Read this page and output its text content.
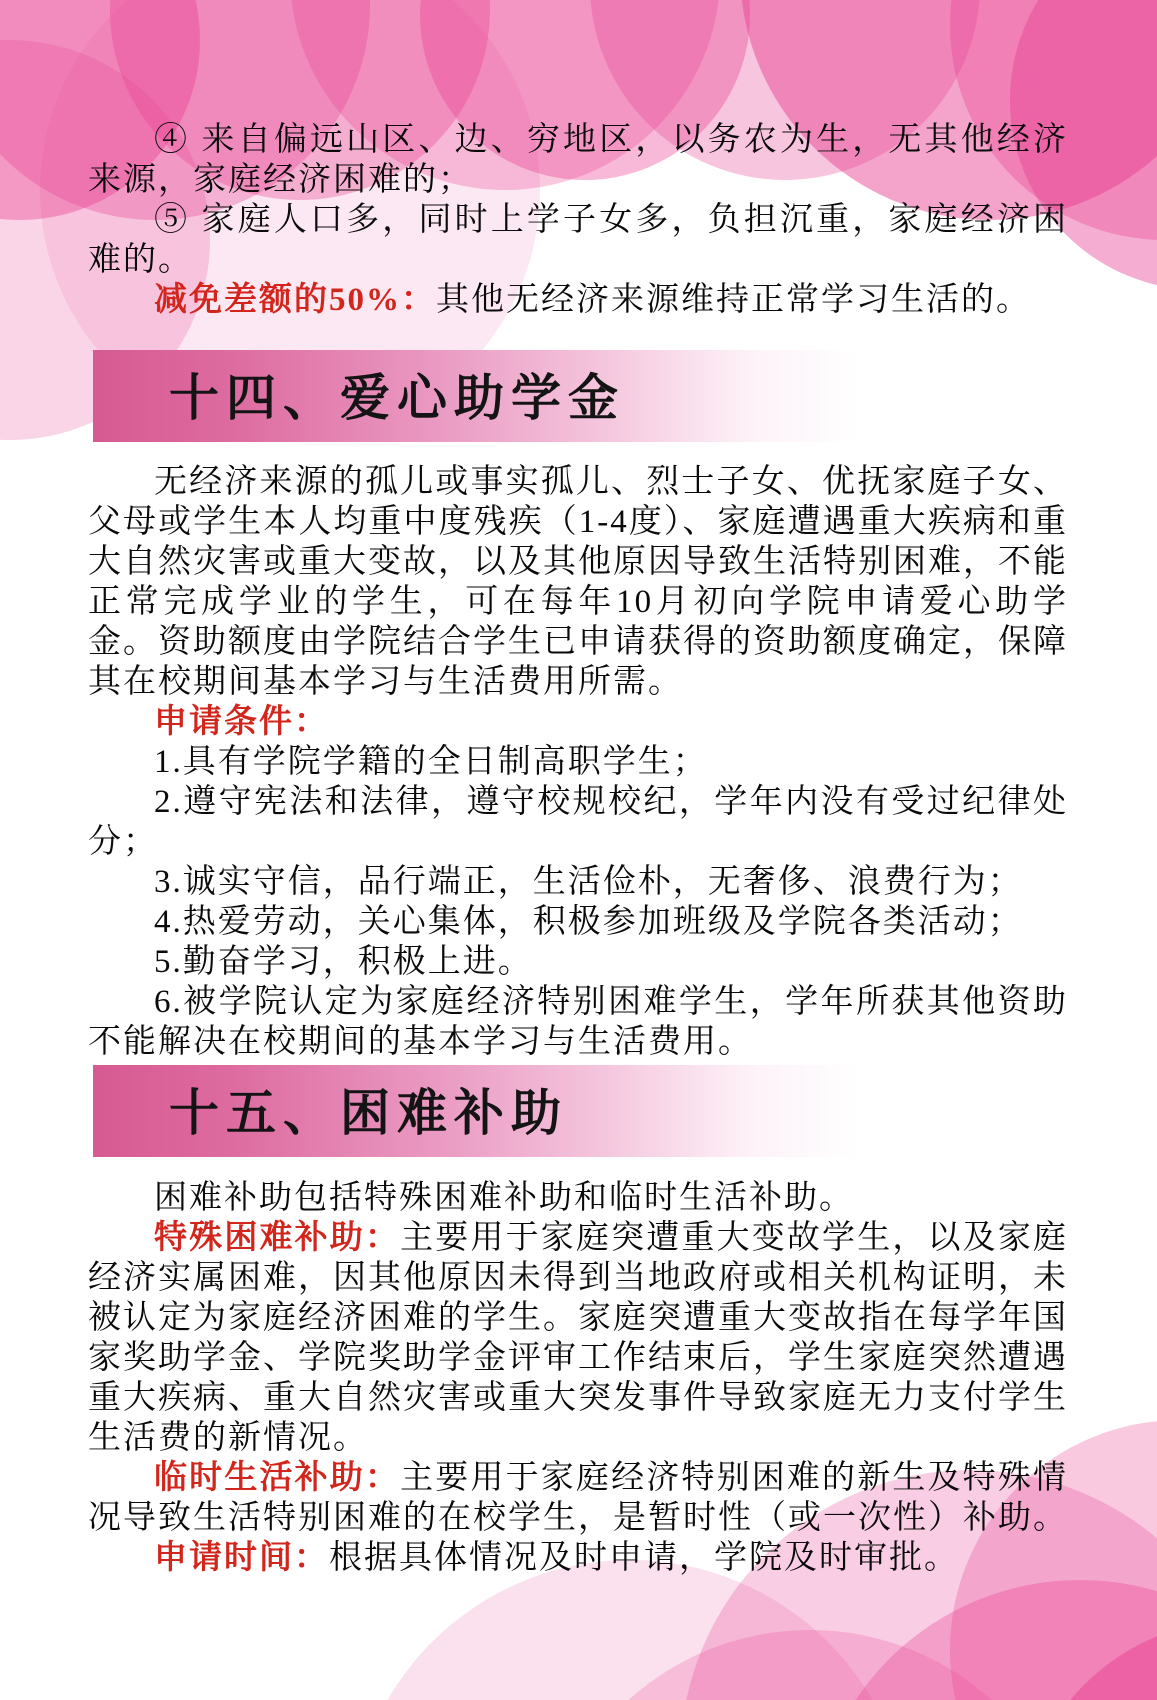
④ 来自偏远山区、边、穷地区，以务农为生，无其他经济来源，家庭经济困难的；

⑤ 家庭人口多，同时上学子女多，负担沉重，家庭经济困难的。

减免差额的50%：其他无经济来源维持正常学习生活的。

十四、爱心助学金

无经济来源的孤儿或事实孤儿、烈士子女、优抚家庭子女、父母或学生本人均重中度残疾（1-4度）、家庭遭遇重大疾病和重大自然灾害或重大变故，以及其他原因导致生活特别困难，不能正常完成学业的学生，可在每年10月初向学院申请爱心助学金。资助额度由学院结合学生已申请获得的资助额度确定，保障其在校期间基本学习与生活费用所需。

申请条件：

1.具有学院学籍的全日制高职学生；

2.遵守宪法和法律，遵守校规校纪，学年内没有受过纪律处分；

3.诚实守信，品行端正，生活俭朴，无奢侈、浪费行为；

4.热爱劳动，关心集体，积极参加班级及学院各类活动；

5.勤奋学习，积极上进。

6.被学院认定为家庭经济特别困难学生，学年所获其他资助不能解决在校期间的基本学习与生活费用。

十五、困难补助

困难补助包括特殊困难补助和临时生活补助。

特殊困难补助：主要用于家庭突遭重大变故学生，以及家庭经济实属困难，因其他原因未得到当地政府或相关机构证明，未被认定为家庭经济困难的学生。家庭突遭重大变故指在每学年国家奖助学金、学院奖助学金评审工作结束后，学生家庭突然遭遇重大疾病、重大自然灾害或重大突发事件导致家庭无力支付学生生活费的新情况。

临时生活补助：主要用于家庭经济特别困难的新生及特殊情况导致生活特别困难的在校学生，是暂时性（或一次性）补助。

申请时间：根据具体情况及时申请，学院及时审批。
